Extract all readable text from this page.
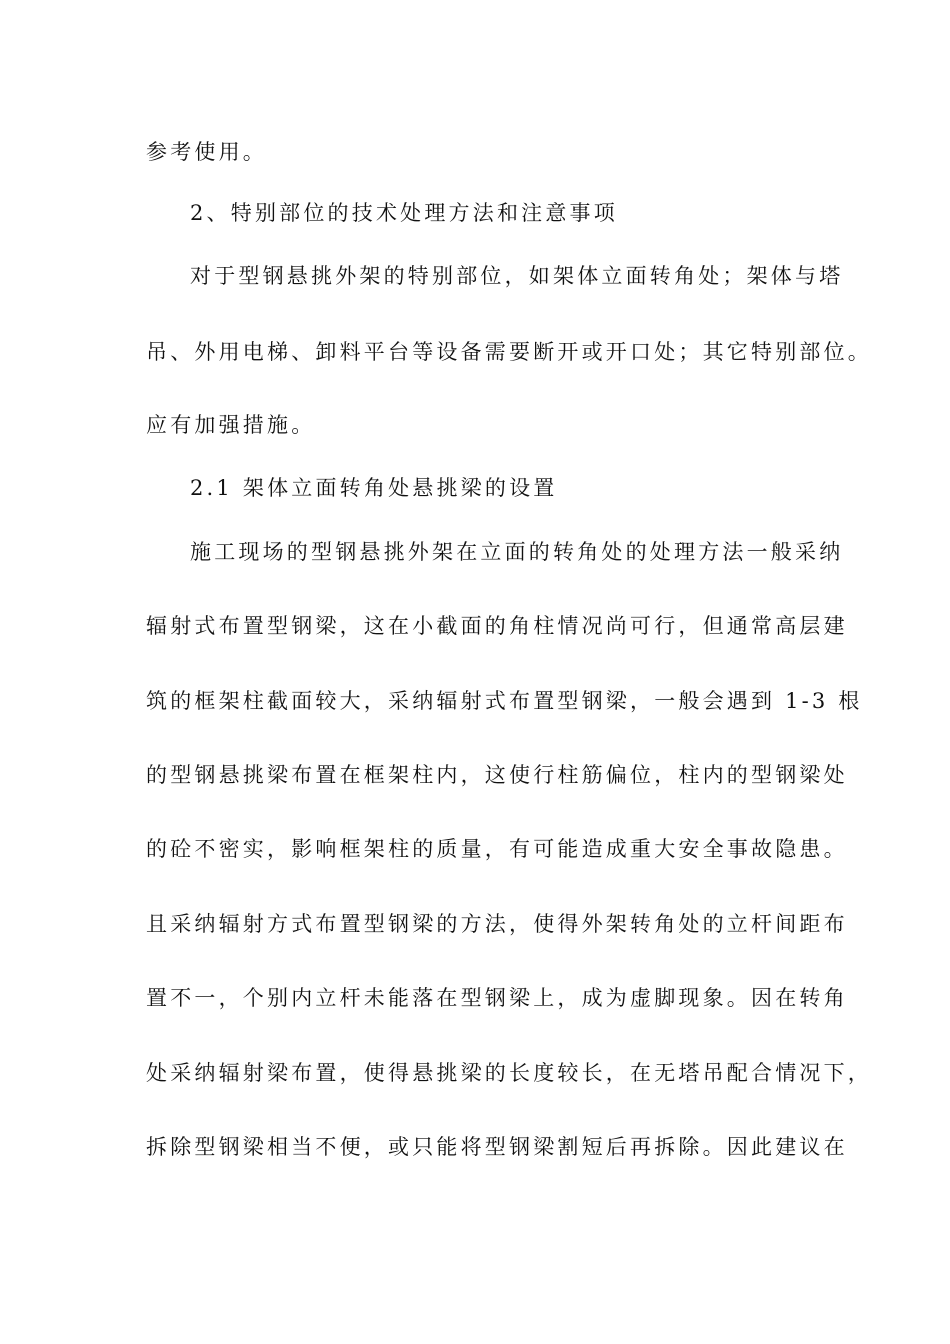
参考使用。
2、特别部位的技术处理方法和注意事项
对于型钢悬挑外架的特别部位，如架体立面转角处；架体与塔
吊、外用电梯、卸料平台等设备需要断开或开口处；其它特别部位。
应有加强措施。
2.1 架体立面转角处悬挑梁的设置
施工现场的型钢悬挑外架在立面的转角处的处理方法一般采纳
辐射式布置型钢梁，这在小截面的角柱情况尚可行，但通常高层建
筑的框架柱截面较大，采纳辐射式布置型钢梁，一般会遇到 1-3 根
的型钢悬挑梁布置在框架柱内，这使行柱筋偏位，柱内的型钢梁处
的砼不密实，影响框架柱的质量，有可能造成重大安全事故隐患。
且采纳辐射方式布置型钢梁的方法，使得外架转角处的立杆间距布
置不一，个别内立杆未能落在型钢梁上，成为虚脚现象。因在转角
处采纳辐射梁布置，使得悬挑梁的长度较长，在无塔吊配合情况下，
拆除型钢梁相当不便，或只能将型钢梁割短后再拆除。因此建议在
